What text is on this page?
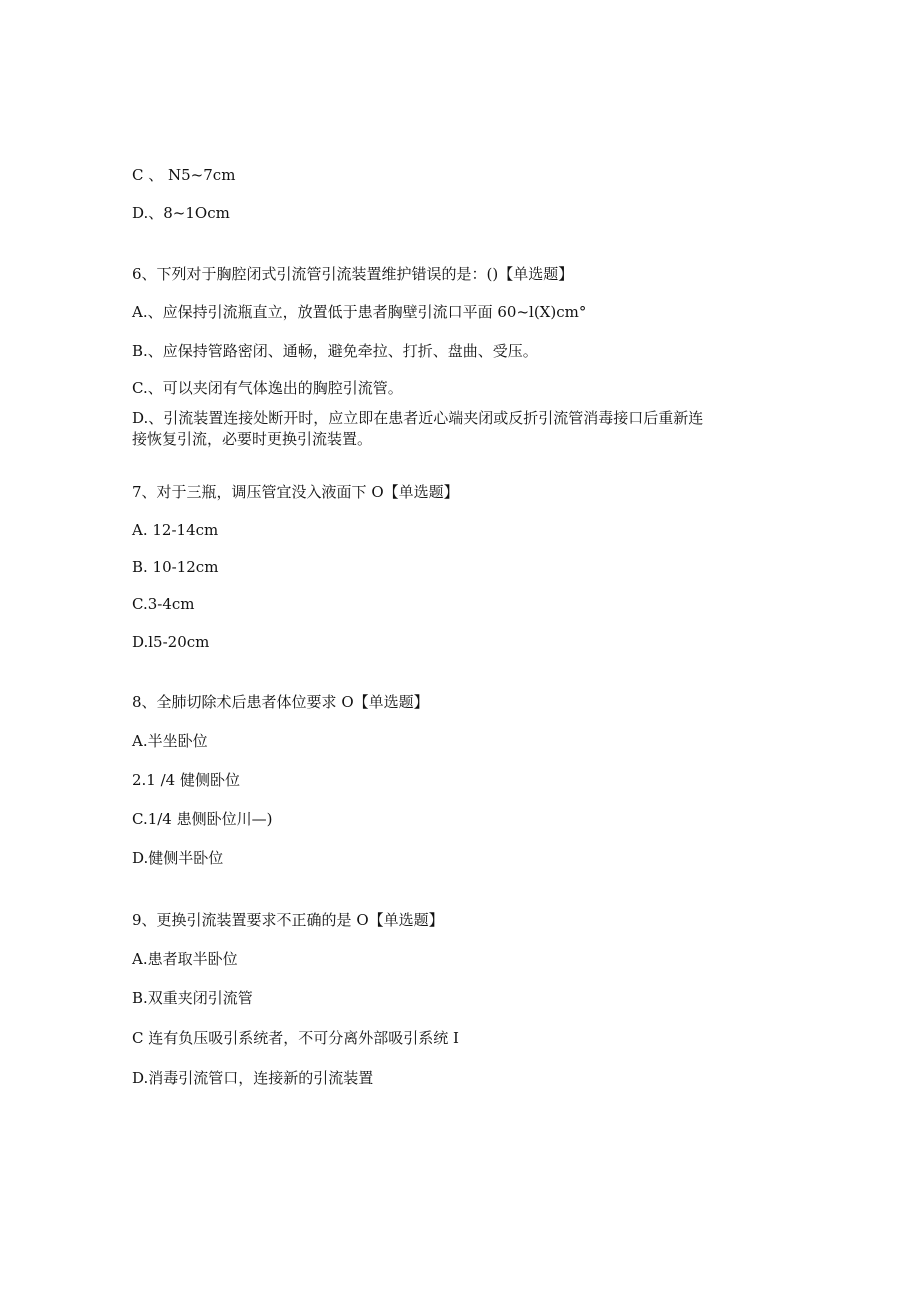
C 、 N5~7cm
D.、8~1Ocm
6、下列对于胸腔闭式引流管引流装置维护错误的是：()【单选题】
A.、应保持引流瓶直立，放置低于患者胸壁引流口平面 60~l(X)cm°
B.、应保持管路密闭、通畅，避免牵拉、打折、盘曲、受压。
C.、可以夹闭有气体逸出的胸腔引流管。
D.、引流装置连接处断开时，应立即在患者近心端夹闭或反折引流管消毒接口后重新连
接恢复引流，必要时更换引流装置。
7、对于三瓶，调压管宜没入液面下 O【单选题】
A. 12-14cm
B. 10-12cm
C.3-4cm
D.l5-20cm
8、全肺切除术后患者体位要求 O【单选题】
A.半坐卧位
2.1 /4 健侧卧位
C.1/4 患侧卧位川—)
D.健侧半卧位
9、更换引流装置要求不正确的是 O【单选题】
A.患者取半卧位
B.双重夹闭引流管
C 连有负压吸引系统者，不可分离外部吸引系统 I
D.消毒引流管口，连接新的引流装置
